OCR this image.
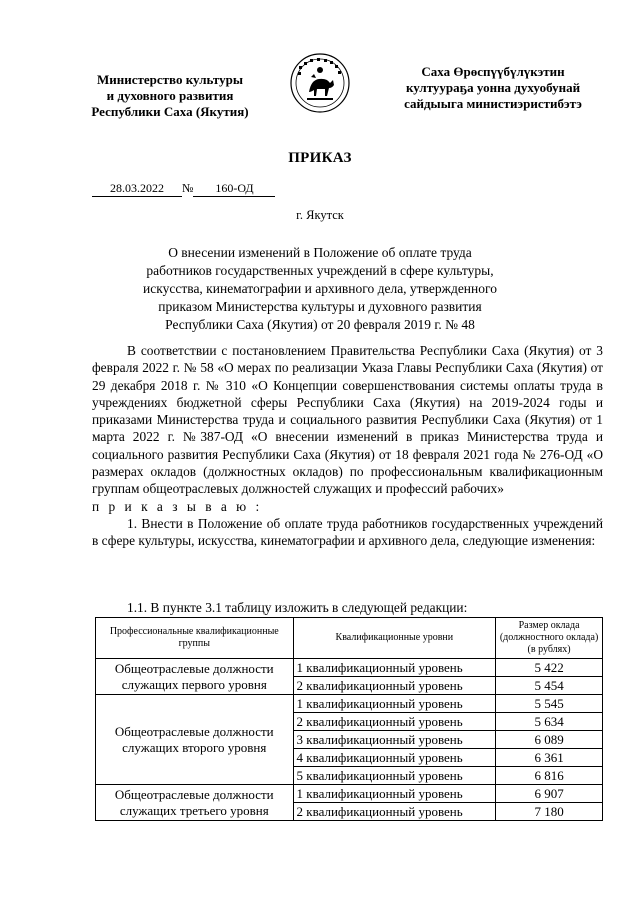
Министерство культуры
и духовного развития
Республики Саха (Якутия)
Саха Өрөспүүбүлүкэтин
култуураҕа уонна духуобунай
сайдыыга министиэристибэтэ
ПРИКАЗ
28.03.2022 № 160-ОД
г. Якутск
О внесении изменений в Положение об оплате труда
работников государственных учреждений в сфере культуры,
искусства, кинематографии и архивного дела, утвержденного
приказом Министерства культуры и духовного развития
Республики Саха (Якутия) от 20 февраля 2019 г. № 48

В соответствии с постановлением Правительства Республики Саха (Якутия) от 3 февраля 2022 г. № 58 «О мерах по реализации Указа Главы Республики Саха (Якутия) от 29 декабря 2018 г. № 310 «О Концепции совершенствования системы оплаты труда в учреждениях бюджетной сферы Республики Саха (Якутия) на 2019-2024 годы и приказами Министерства труда и социального развития Республики Саха (Якутия) от 1 марта 2022 г. №387-ОД «О внесении изменений в приказ Министерства труда и социального развития Республики Саха (Якутия) от 18 февраля 2021 года № 276-ОД «О размерах окладов (должностных окладов) по профессиональным квалификационным группам общеотраслевых должностей служащих и профессий рабочих»

п р и к а з ы в а ю :

1. Внести в Положение об оплате труда работников государственных учреждений в сфере культуры, искусства, кинематографии и архивного дела, следующие изменения:

1.1. В пункте 3.1 таблицу изложить в следующей редакции:
Профессиональные квалификационные группы	Квалификационные уровни	Размер оклада (должностного оклада) (в рублях)
Общеотраслевые должности служащих первого уровня	1 квалификационный уровень	5 422
	2 квалификационный уровень	5 454
Общеотраслевые должности служащих второго уровня	1 квалификационный уровень	5 545
	2 квалификационный уровень	5 634
	3 квалификационный уровень	6 089
	4 квалификационный уровень	6 361
	5 квалификационный уровень	6 816
Общеотраслевые должности служащих третьего уровня	1 квалификационный уровень	6 907
	2 квалификационный уровень	7 180
